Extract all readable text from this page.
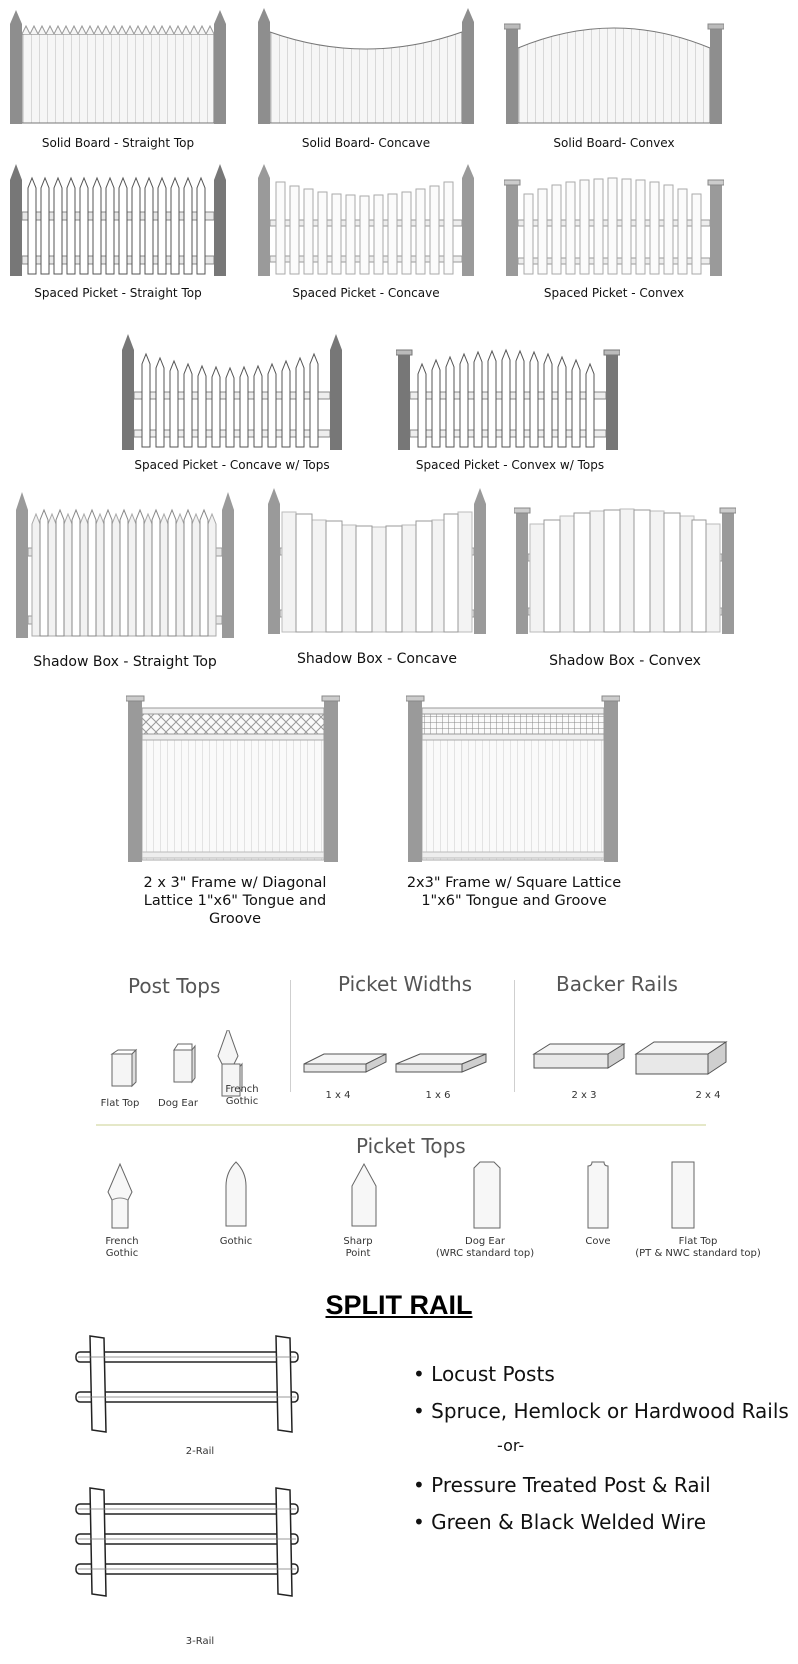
Solid Board - Straight Top	Solid Board- Concave	Solid Board- Convex
Spaced Picket - Straight Top	Spaced Picket - Concave	Spaced Picket - Convex
Spaced Picket - Concave w/ Tops	Spaced Picket - Convex w/ Tops
Shadow Box - Straight Top	Shadow Box - Concave	Shadow Box - Convex
2 x 3" Frame w/ Diagonal Lattice 1"x6" Tongue and Groove
2x3" Frame w/ Square Lattice 1"x6" Tongue and Groove
Post Tops	Picket Widths	Backer Rails
Flat Top Dog Ear
French Gothic
1 x 4	1 x 6	2 x 3	2 x 4
Picket Tops
French Gothic
Gothic	Sharp Point
Dog Ear
(WRC standard top)
Cove	Flat Top
(PT & NWC standard top)
SPLIT RAIL
2-Rail
3-Rail
• Locust Posts
• Spruce, Hemlock or Hardwood Rails
-or-
• Pressure Treated Post & Rail
• Green & Black Welded Wire
